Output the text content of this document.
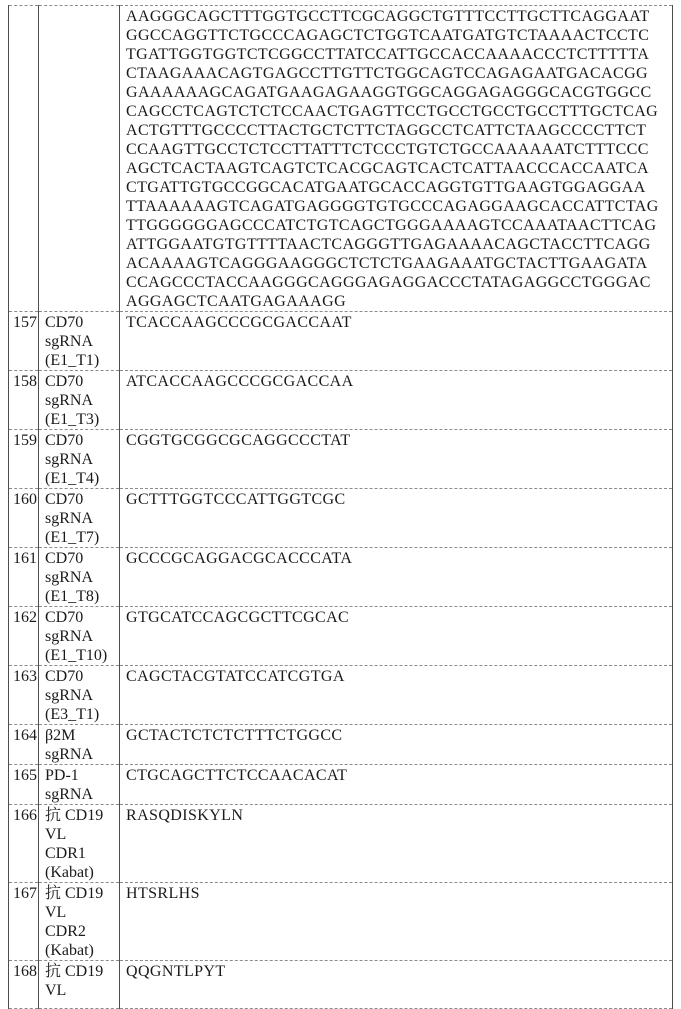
		AAGGGCAGCTTTGGTGCCTTCGCAGGCTGTTTCCTTGCTTCAGGAAT
GGCCAGGTTCTGCCCAGAGCTCTGGTCAATGATGTCTAAAACTCCTC
TGATTGGTGGTCTCGGCCTTATCCATTGCCACCAAAACCCTCTTTTTA
CTAAGAAACAGTGAGCCTTGTTCTGGCAGTCCAGAGAATGACACGG
GAAAAAAGCAGATGAAGAGAAGGTGGCAGGAGAGGGCACGTGGCC
CAGCCTCAGTCTCTCCAACTGAGTTCCTGCCTGCCTGCCTTTGCTCAG
ACTGTTTGCCCCTTACTGCTCTTCTAGGCCTCATTCTAAGCCCCTTCT
CCAAGTTGCCTCTCCTTATTTCTCCCTGTCTGCCAAAAAATCTTTCCC
AGCTCACTAAGTCAGTCTCACGCAGTCACTCATTAACCCACCAATCA
CTGATTGTGCCGGCACATGAATGCACCAGGTGTTGAAGTGGAGGAA
TTAAAAAAGTCAGATGAGGGGTGTGCCCAGAGGAAGCACCATTCTAG
TTGGGGGGAGCCCATCTGTCAGCTGGGAAAAGTCCAAATAACTTCAG
ATTGGAATGTGTTTTAACTCAGGGTTGAGAAAACAGCTACCTTCAGG
ACAAAAGTCAGGGAAGGGCTCTCTGAAGAAATGCTACTTGAAGATA
CCAGCCCTACCAAGGGCAGGGAGAGGACCCTATAGAGGCCTGGGAC
AGGAGCTCAATGAGAAAGG
157	CD70
sgRNA
(E1_T1)	TCACCAAGCCCGCGACCAAT
158	CD70
sgRNA
(E1_T3)	ATCACCAAGCCCGCGACCAA
159	CD70
sgRNA
(E1_T4)	CGGTGCGGCGCAGGCCCTAT
160	CD70
sgRNA
(E1_T7)	GCTTTGGTCCCATTGGTCGC
161	CD70
sgRNA
(E1_T8)	GCCCGCAGGACGCACCCATA
162	CD70
sgRNA
(E1_T10)	GTGCATCCAGCGCTTCGCAC
163	CD70
sgRNA
(E3_T1)	CAGCTACGTATCCATCGTGA
164	β2M
sgRNA	GCTACTCTCTCTTTCTGGCC
165	PD-1
sgRNA	CTGCAGCTTCTCCAACACAT
166	抗 CD19
VL
CDR1
(Kabat)	RASQDISKYLN
167	抗 CD19
VL
CDR2
(Kabat)	HTSRLHS
168	抗 CD19
VL	QQGNTLPYT
